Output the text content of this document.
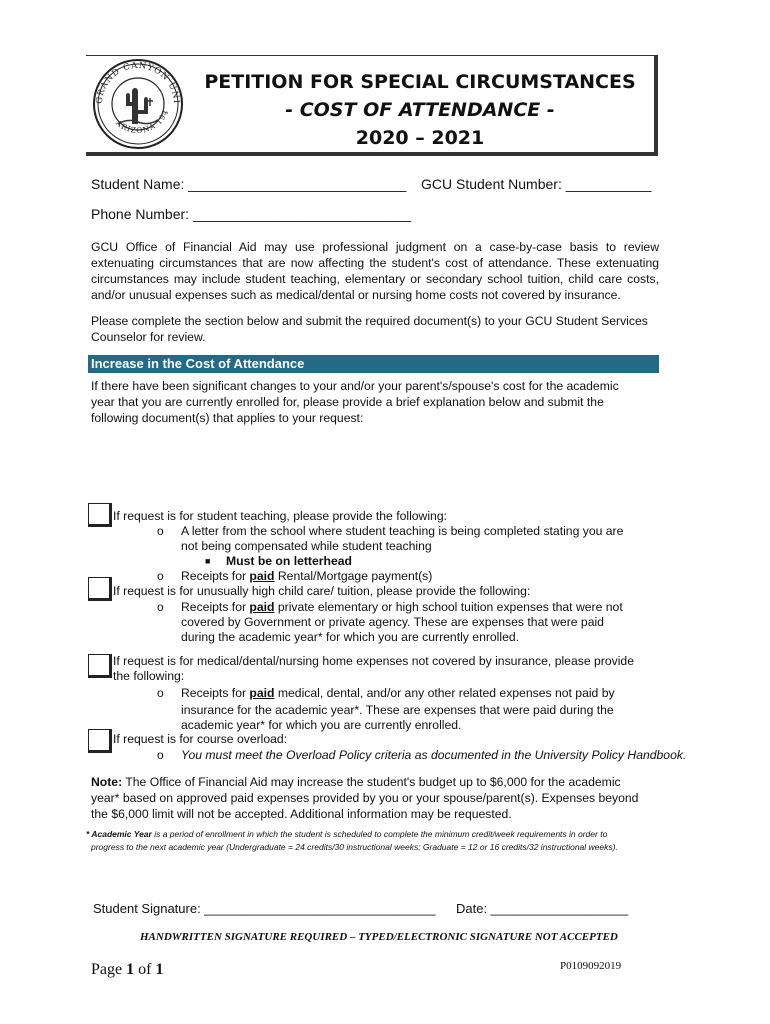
GRAND CANYON UNI
ARIZONA 194
PETITION FOR SPECIAL CIRCUMSTANCES
- COST OF ATTENDANCE -
2020 – 2021
Student Name: ____________________________ GCU Student Number: ___________
Phone Number: ____________________________
GCU Office of Financial Aid may use professional judgment on a case-by-case basis to review extenuating circumstances that are now affecting the student's cost of attendance. These extenuating circumstances may include student teaching, elementary or secondary school tuition, child care costs, and/or unusual expenses such as medical/dental or nursing home costs not covered by insurance.
Please complete the section below and submit the required document(s) to your GCU Student Services
Counselor for review.
Increase in the Cost of Attendance
If there have been significant changes to your and/or your parent's/spouse's cost for the academic
year that you are currently enrolled for, please provide a brief explanation below and submit the
following document(s) that applies to your request:
If request is for student teaching, please provide the following:
o A letter from the school where student teaching is being completed stating you are
not being compensated while student teaching
■ Must be on letterhead
o Receipts for paid Rental/Mortgage payment(s)
If request is for unusually high child care/ tuition, please provide the following:
o Receipts for paid private elementary or high school tuition expenses that were not
covered by Government or private agency. These are expenses that were paid
during the academic year* for which you are currently enrolled.
If request is for medical/dental/nursing home expenses not covered by insurance, please provide
the following:
o Receipts for paid medical, dental, and/or any other related expenses not paid by
insurance for the academic year*. These are expenses that were paid during the
academic year* for which you are currently enrolled.
If request is for course overload:
o You must meet the Overload Policy criteria as documented in the University Policy Handbook.
Note: The Office of Financial Aid may increase the student's budget up to $6,000 for the academic
year* based on approved paid expenses provided by you or your spouse/parent(s). Expenses beyond
the $6,000 limit will not be accepted. Additional information may be requested.
* Academic Year is a period of enrollment in which the student is scheduled to complete the minimum credit/week requirements in order to
progress to the next academic year (Undergraduate = 24 credits/30 instructional weeks; Graduate = 12 or 16 credits/32 instructional weeks).
Student Signature: ________________________________ Date: ___________________
HANDWRITTEN SIGNATURE REQUIRED – TYPED/ELECTRONIC SIGNATURE NOT ACCEPTED
Page 1 of 1	P0109092019
